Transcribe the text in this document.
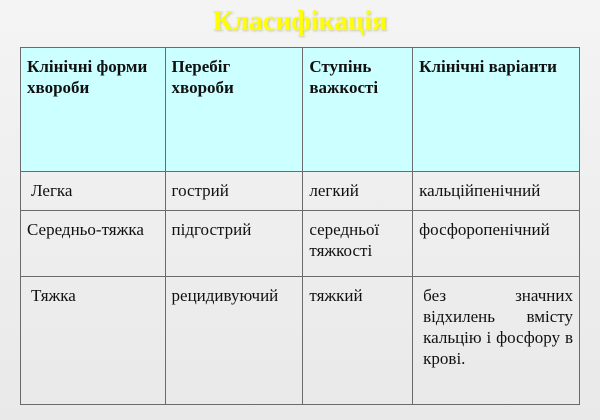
Класифікація
Клінічні форми хвороби	Перебіг хвороби	Ступінь важкості	Клінічні варіанти
Легка	гострий	легкий	кальційпенічний
Середньо-тяжка	підгострий	середньої тяжкості	фосфоропенічний
Тяжка	рецидивуючий	тяжкий	без значних відхилень вмісту кальцію і фосфору в крові.
